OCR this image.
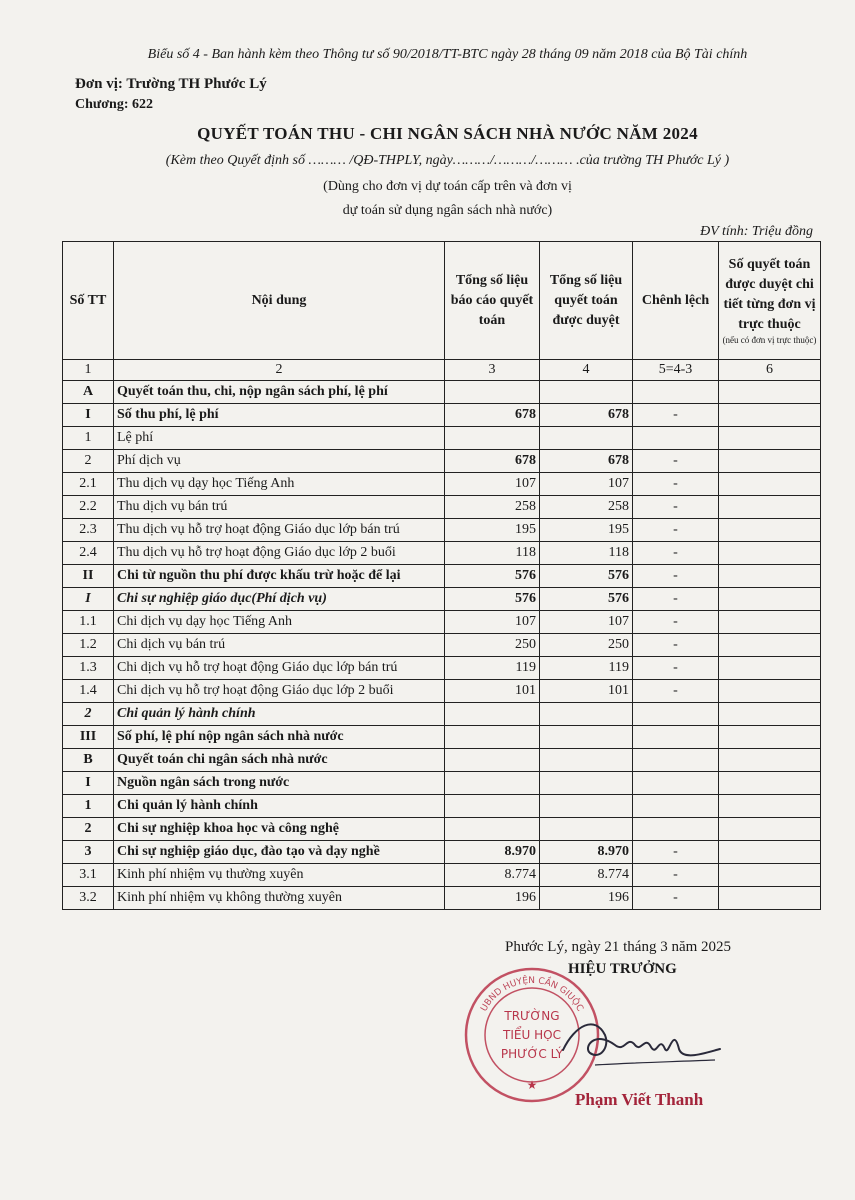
Biểu số 4 - Ban hành kèm theo Thông tư số 90/2018/TT-BTC ngày 28 tháng 09 năm 2018 của Bộ Tài chính
Đơn vị: Trường TH Phước Lý
Chương: 622
QUYẾT TOÁN THU - CHI NGÂN SÁCH NHÀ NƯỚC NĂM 2024
(Kèm theo Quyết định số ……… /QĐ-THPLY, ngày………/………/……… .của trường TH Phước Lý )
(Dùng cho đơn vị dự toán cấp trên và đơn vị
dự toán sử dụng ngân sách nhà nước)
ĐV tính: Triệu đồng
Số TT	Nội dung	Tổng số liệu báo cáo quyết toán	Tổng số liệu quyết toán được duyệt	Chênh lệch	Số quyết toán được duyệt chi tiết từng đơn vị trực thuộc
(nếu có đơn vị trực thuộc)

1	2	3	4	5=4-3	6
A	Quyết toán thu, chi, nộp ngân sách phí, lệ phí				
I	Số thu phí, lệ phí	678	678	-	
1	Lệ phí				
2	Phí dịch vụ	678	678	-	
2.1	Thu dịch vụ dạy học Tiếng Anh	107	107	-	
2.2	Thu dịch vụ bán trú	258	258	-	
2.3	Thu dịch vụ hỗ trợ hoạt động Giáo dục lớp bán trú	195	195	-	
2.4	Thu dịch vụ hỗ trợ hoạt động Giáo dục lớp 2 buổi	118	118	-	
II	Chi từ nguồn thu phí được khấu trừ hoặc để lại	576	576	-	
I	Chi sự nghiệp giáo dục(Phí dịch vụ)	576	576	-	
1.1	Chi dịch vụ dạy học Tiếng Anh	107	107	-	
1.2	Chi dịch vụ bán trú	250	250	-	
1.3	Chi dịch vụ hỗ trợ hoạt động Giáo dục lớp bán trú	119	119	-	
1.4	Chi dịch vụ hỗ trợ hoạt động Giáo dục lớp 2 buổi	101	101	-	
2	Chi quản lý hành chính				
III	Số phí, lệ phí nộp ngân sách nhà nước				
B	Quyết toán chi ngân sách nhà nước				
I	Nguồn ngân sách trong nước				
1	Chi quản lý hành chính				
2	Chi sự nghiệp khoa học và công nghệ				
3	Chi sự nghiệp giáo dục, đào tạo và dạy nghề	8.970	8.970	-	
3.1	Kinh phí nhiệm vụ thường xuyên	8.774	8.774	-	
3.2	Kinh phí nhiệm vụ không thường xuyên	196	196	-	
Phước Lý, ngày 21 tháng 3 năm 2025
HIỆU TRƯỞNG
UBND HUYỆN CẦN GIUỘC
TRƯỜNG
TIỂU HỌC
PHƯỚC LÝ
★
Phạm Viết Thanh
